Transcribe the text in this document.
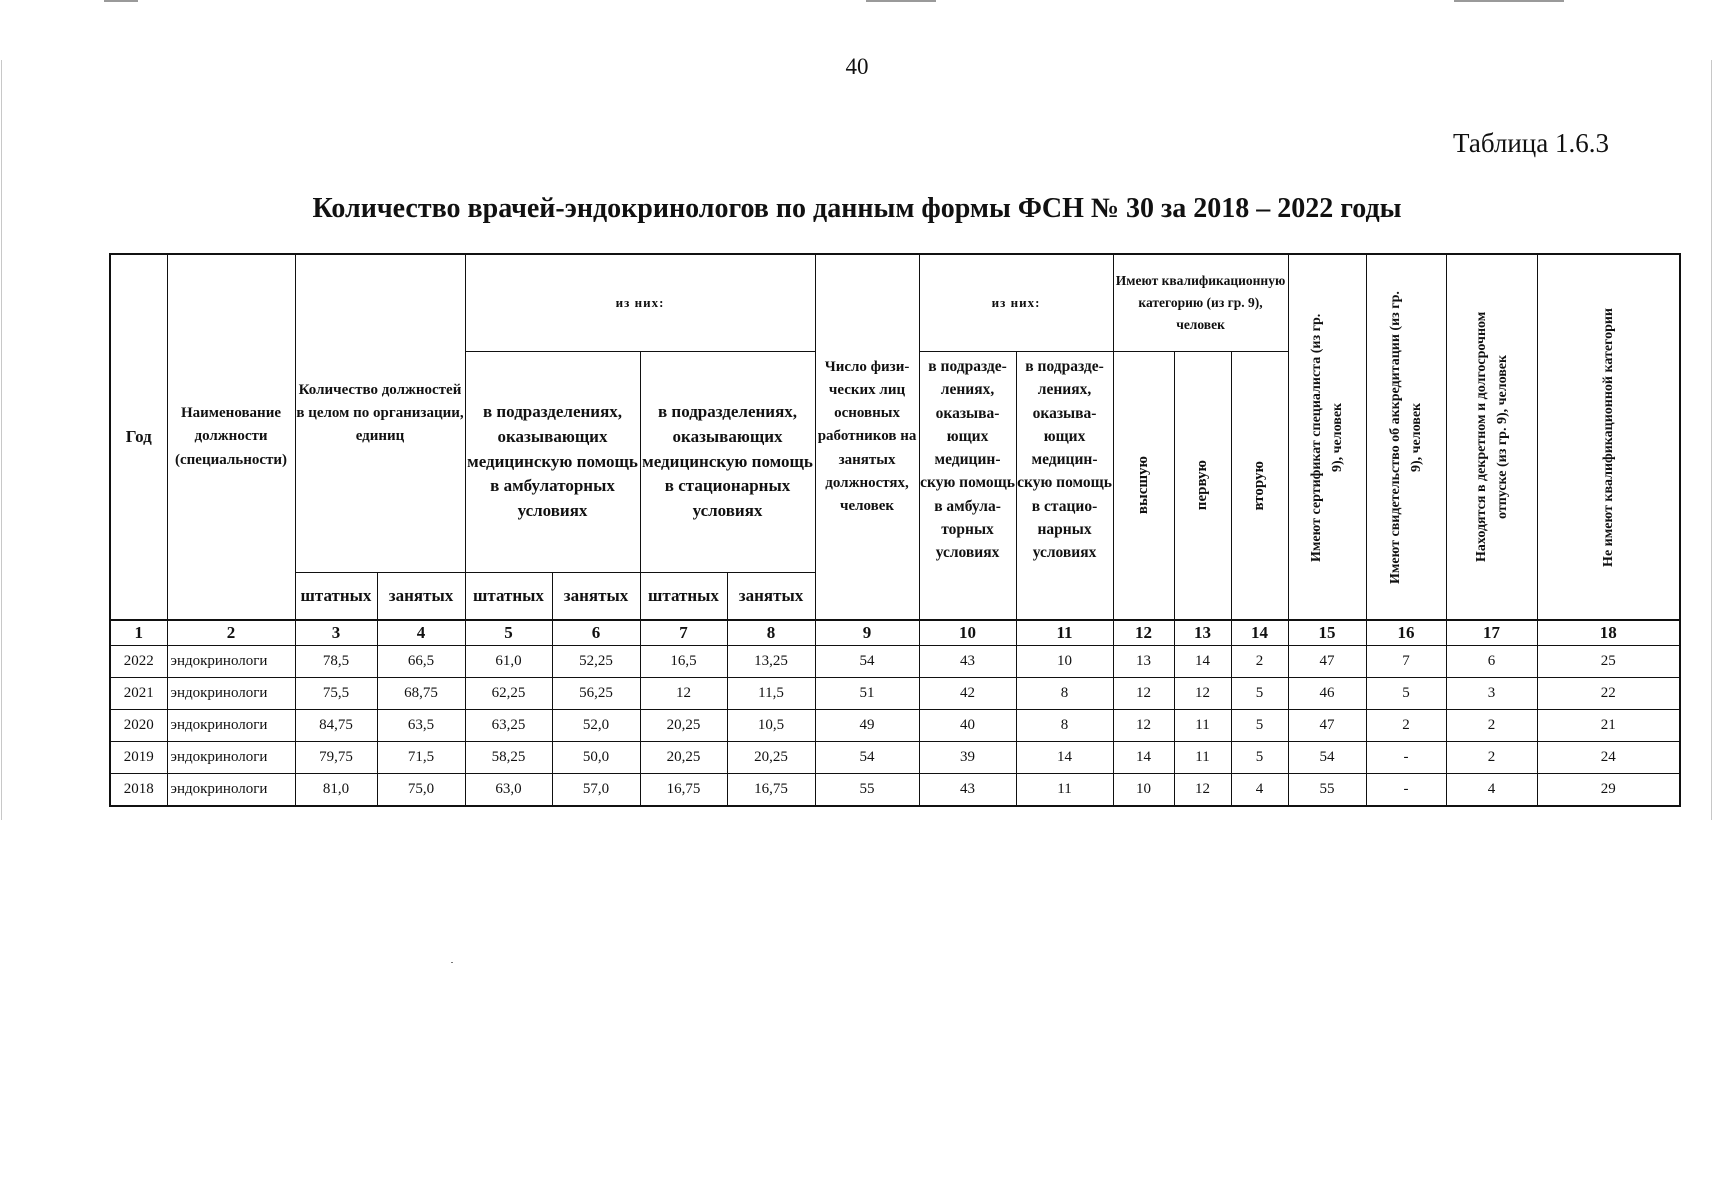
40
Таблица 1.6.3
Количество врачей-эндокринологов по данным формы ФСН № 30 за 2018 – 2022 годы
Год	Наименование должности (специальности)	Количество должностей в целом по организации, единиц		из них:				Число физи-ческих лиц основных работников на занятых должностях, человек	из них:		Имеют квалификационную категорию (из гр. 9), человек			Имеют сертификат специалиста (из гр. 9), человек	Имеют свидетельство об аккредитации (из гр. 9), человек	Находятся в декретном и долгосрочном отпуске (из гр. 9), человек	Не имеют квалификационной категории

				в подразделениях, оказывающих медицинскую помощь в амбулаторных условиях		в подразделениях, оказывающих медицинскую помощь в стационарных условиях			в подразде-лениях, оказыва-ющих медицин-скую помощь в амбула-торных условиях	в подразде-лениях, оказыва-ющих медицин-скую помощь в стацио-нарных условиях	высшую	первую	вторую				

		штатных	занятых	штатных	занятых	штатных	занятых										
1	2	3	4	5	6	7	8	9	10	11	12	13	14	15	16	17	18
2022	эндокринологи	78,5	66,5	61,0	52,25	16,5	13,25	54	43	10	13	14	2	47	7	6	25
2021	эндокринологи	75,5	68,75	62,25	56,25	12	11,5	51	42	8	12	12	5	46	5	3	22
2020	эндокринологи	84,75	63,5	63,25	52,0	20,25	10,5	49	40	8	12	11	5	47	2	2	21
2019	эндокринологи	79,75	71,5	58,25	50,0	20,25	20,25	54	39	14	14	11	5	54	-	2	24
2018	эндокринологи	81,0	75,0	63,0	57,0	16,75	16,75	55	43	11	10	12	4	55	-	4	29
